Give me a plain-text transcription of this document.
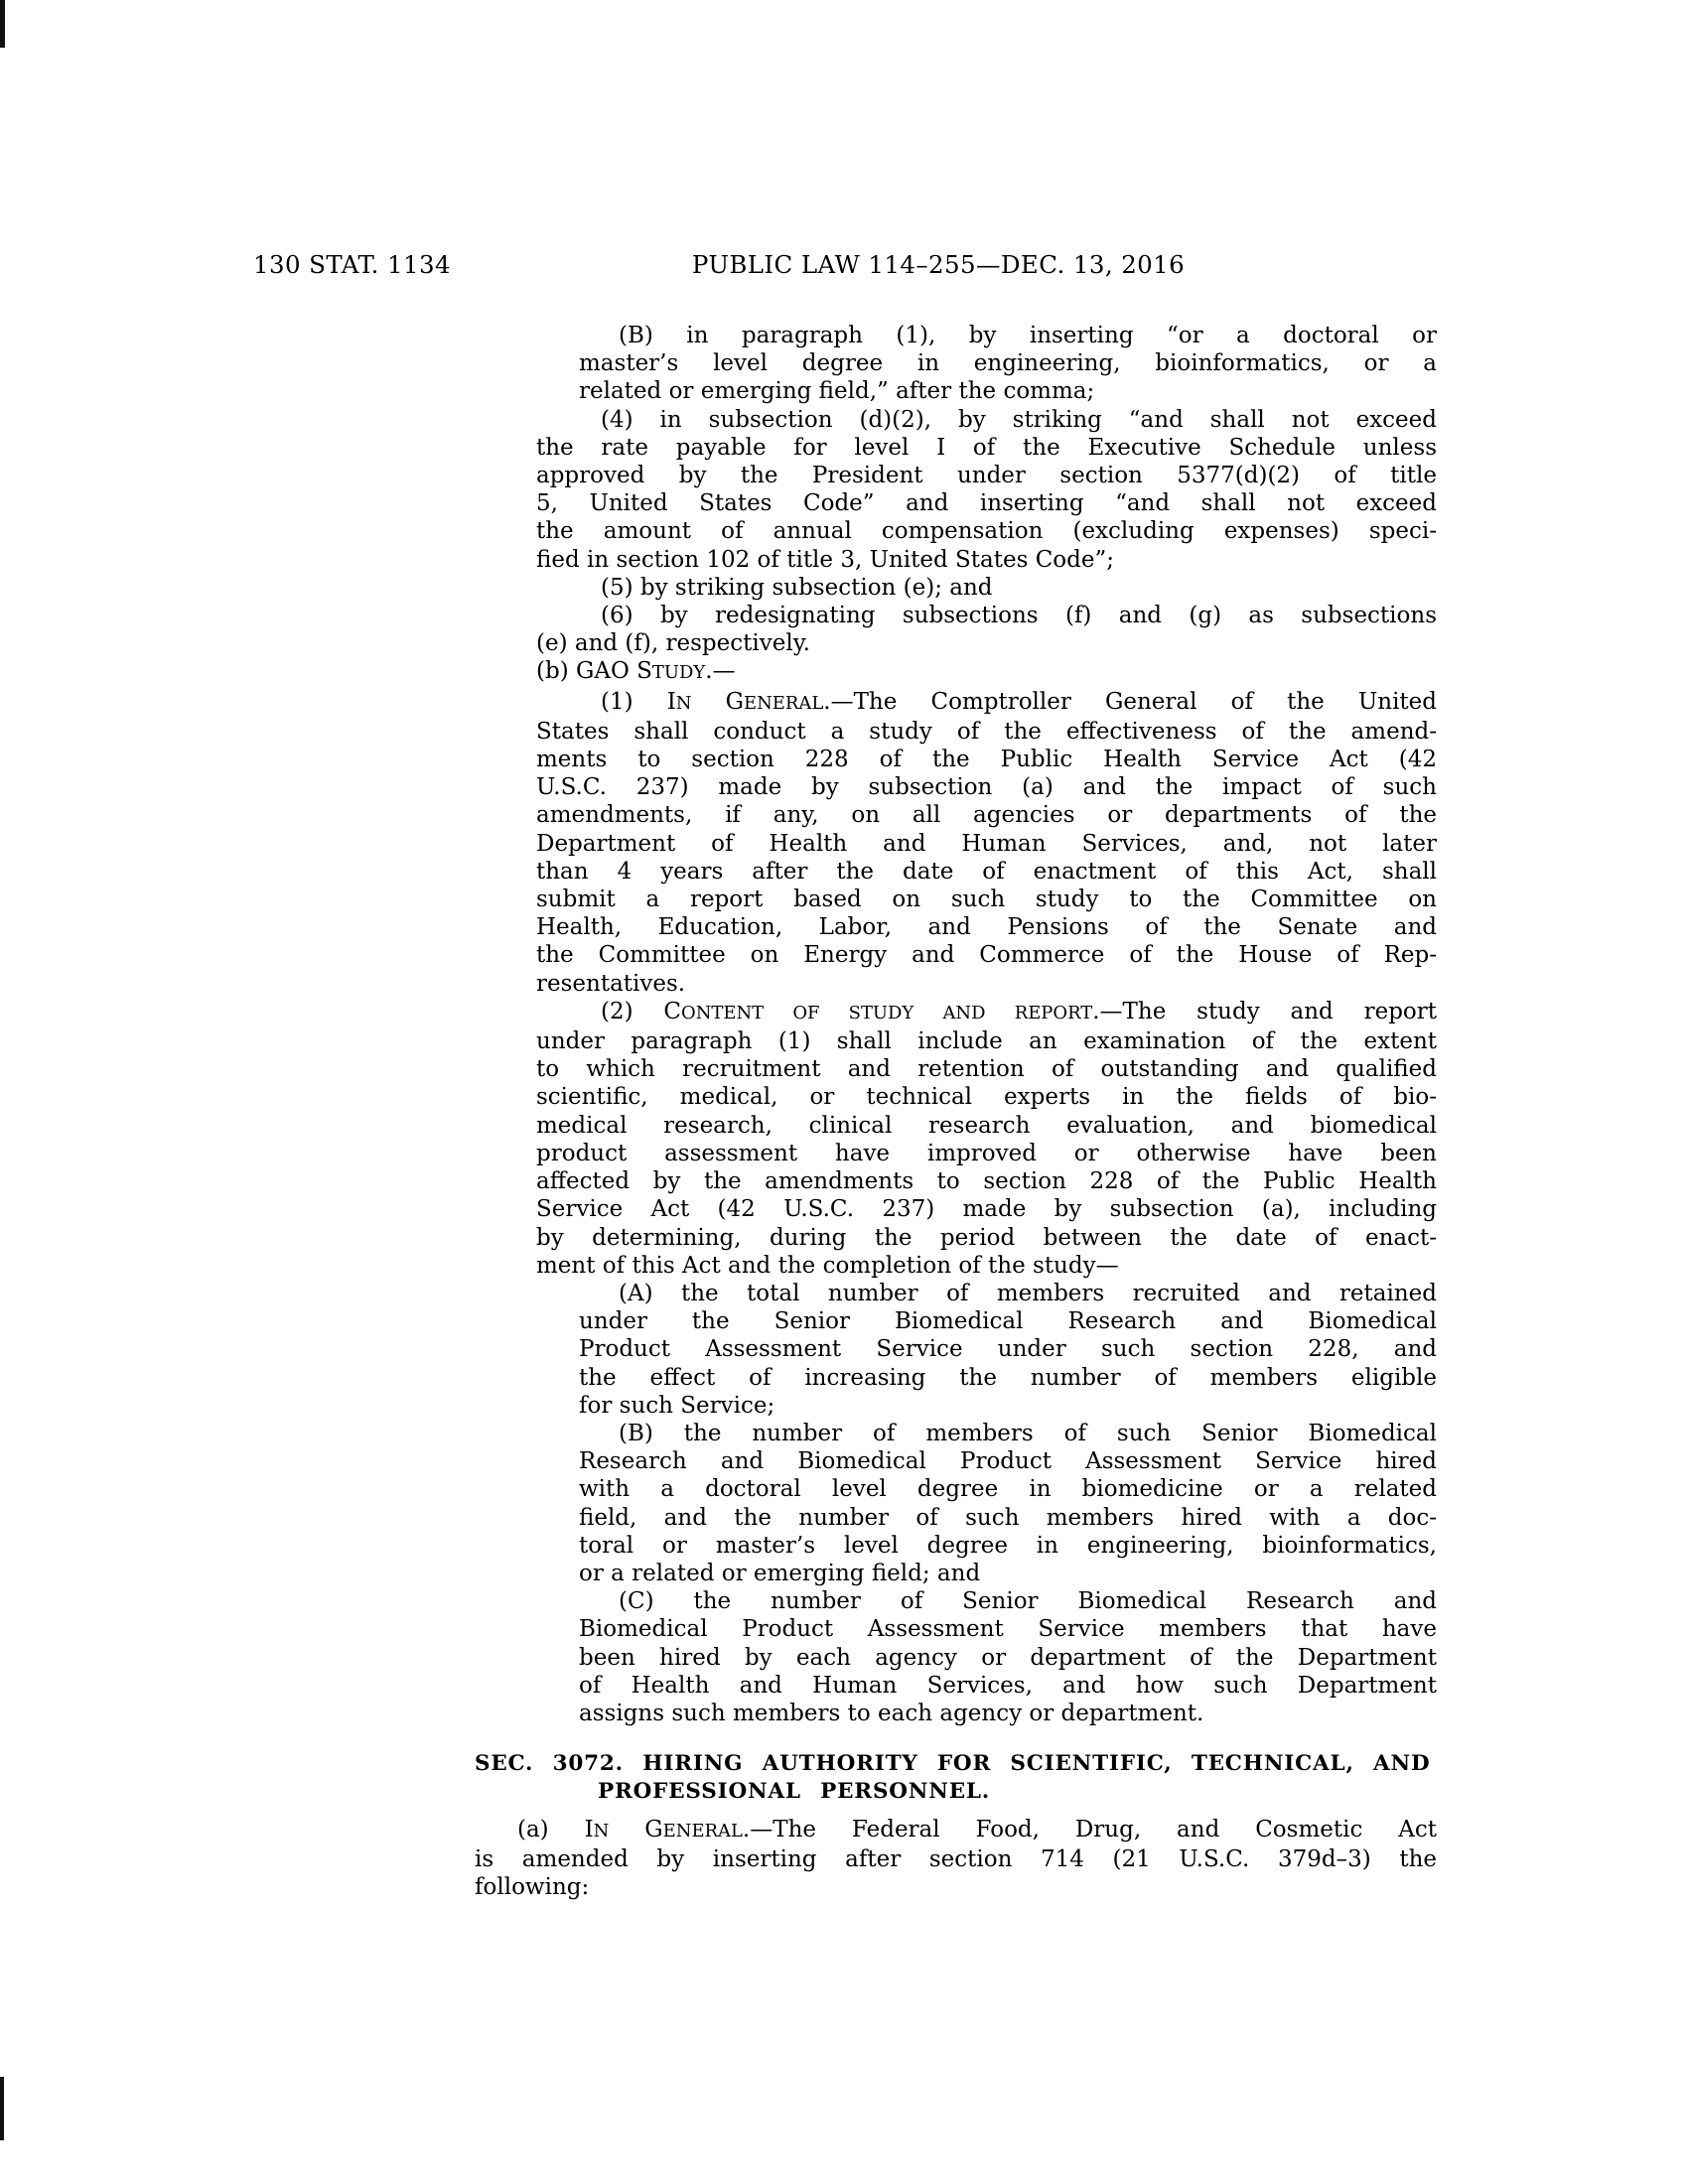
130 STAT. 1134	PUBLIC LAW 114–255—DEC. 13, 2016
(B) in paragraph (1), by inserting “or a doctoral or
master’s level degree in engineering, bioinformatics, or a
related or emerging field,” after the comma;
(4) in subsection (d)(2), by striking “and shall not exceed
the rate payable for level I of the Executive Schedule unless
approved by the President under section 5377(d)(2) of title
5, United States Code” and inserting “and shall not exceed
the amount of annual compensation (excluding expenses) speci-
fied in section 102 of title 3, United States Code”;
(5) by striking subsection (e); and
(6) by redesignating subsections (f) and (g) as subsections
(e) and (f), respectively.
(b) GAO STUDY.—
(1) IN GENERAL.—The Comptroller General of the United
States shall conduct a study of the effectiveness of the amend-
ments to section 228 of the Public Health Service Act (42
U.S.C. 237) made by subsection (a) and the impact of such
amendments, if any, on all agencies or departments of the
Department of Health and Human Services, and, not later
than 4 years after the date of enactment of this Act, shall
submit a report based on such study to the Committee on
Health, Education, Labor, and Pensions of the Senate and
the Committee on Energy and Commerce of the House of Rep-
resentatives.
(2) CONTENT OF STUDY AND REPORT.—The study and report
under paragraph (1) shall include an examination of the extent
to which recruitment and retention of outstanding and qualified
scientific, medical, or technical experts in the fields of bio-
medical research, clinical research evaluation, and biomedical
product assessment have improved or otherwise have been
affected by the amendments to section 228 of the Public Health
Service Act (42 U.S.C. 237) made by subsection (a), including
by determining, during the period between the date of enact-
ment of this Act and the completion of the study—
(A) the total number of members recruited and retained
under the Senior Biomedical Research and Biomedical
Product Assessment Service under such section 228, and
the effect of increasing the number of members eligible
for such Service;
(B) the number of members of such Senior Biomedical
Research and Biomedical Product Assessment Service hired
with a doctoral level degree in biomedicine or a related
field, and the number of such members hired with a doc-
toral or master’s level degree in engineering, bioinformatics,
or a related or emerging field; and
(C) the number of Senior Biomedical Research and
Biomedical Product Assessment Service members that have
been hired by each agency or department of the Department
of Health and Human Services, and how such Department
assigns such members to each agency or department.
SEC. 3072. HIRING AUTHORITY FOR SCIENTIFIC, TECHNICAL, AND
PROFESSIONAL PERSONNEL.
(a) IN GENERAL.—The Federal Food, Drug, and Cosmetic Act
is amended by inserting after section 714 (21 U.S.C. 379d–3) the
following:
